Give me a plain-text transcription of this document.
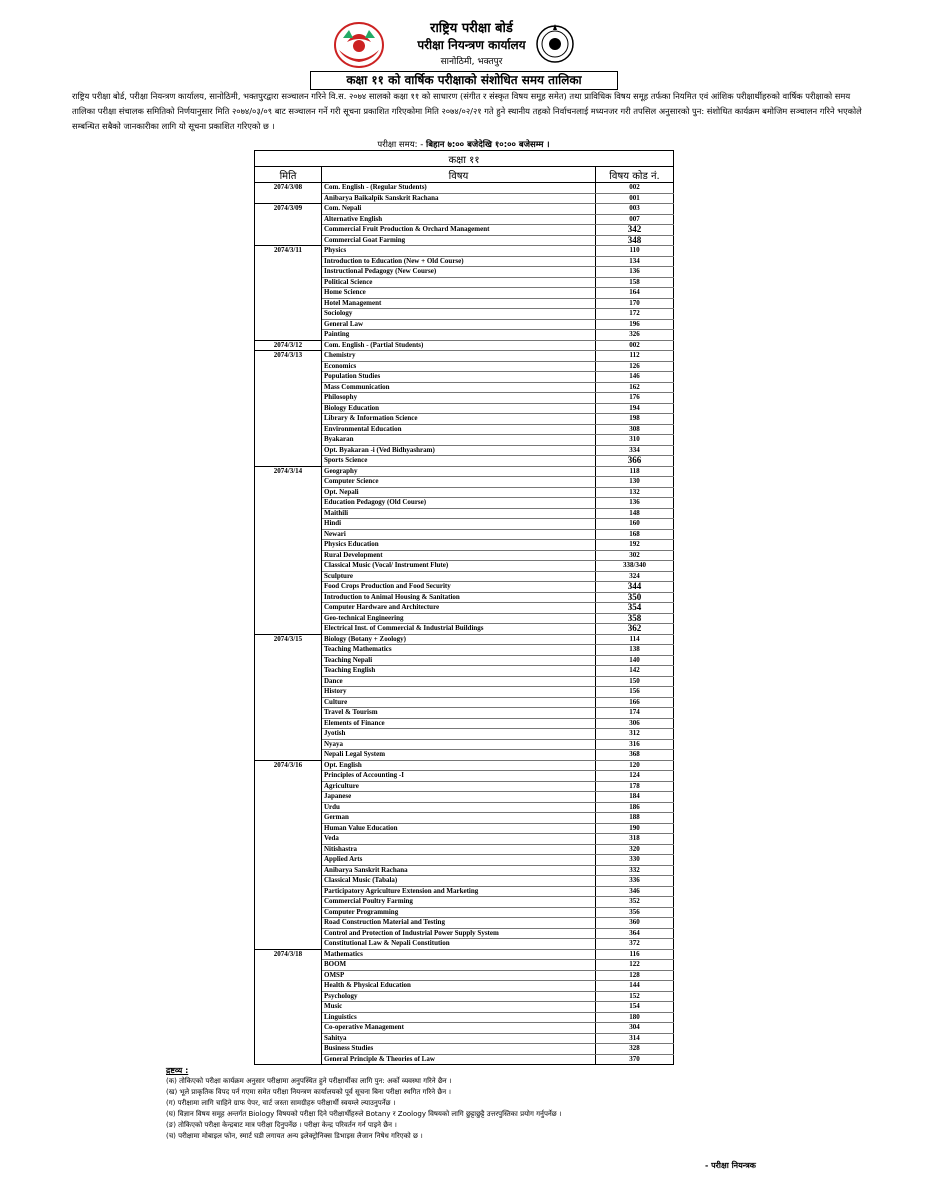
राष्ट्रिय परीक्षा बोर्ड
परीक्षा नियन्त्रण कार्यालय
सानोठिमी, भक्तपुर
कक्षा ११ को वार्षिक परीक्षाको संशोधित समय तालिका
राष्ट्रिय परीक्षा बोर्ड, परीक्षा नियन्त्रण कार्यालय, सानोठिमी, भक्तपुरद्वारा सञ्चालन गरिने वि.स. २०७४ सालको कक्षा ११ को साधारण (संगीत र संस्कृत विषय समूह समेत) तथा प्राविधिक विषय समूह तर्फका नियमित एवं आंशिक परीक्षार्थीहरुको वार्षिक परीक्षाको समय तालिका परीक्षा संचालक समितिको निर्णयानुसार मिति २०७४/०३/०९ बाट सञ्चालन गर्ने गरी सूचना प्रकाशित गरिएकोमा मिति २०७४/०२/२१ गते हुने स्थानीय तहको निर्वाचनलाई मध्यनजर गरी तपसिल अनुसारको पुन: संशोधित कार्यक्रम बमोजिम सञ्चालन गरिने भएकोले सम्बन्धित सबैको जानकारीका लागि यो सूचना प्रकाशित गरिएको छ ।
परीक्षा समय: - बिहान ७:०० बजेदेखि १०:०० बजेसम्म ।
कक्षा ११		
मिति	विषय	विषय कोड नं.
2074/3/08	Com. English - (Regular Students)	002
	Anibarya Baikalpik Sanskrit Rachana	001
2074/3/09	Com. Nepali	003
	Alternative English	007
	Commercial Fruit Production & Orchard Management	342
	Commercial Goat Farming	348
2074/3/11	Physics	110
	Introduction to Education (New + Old Course)	134
	Instructional Pedagogy (New Course)	136
	Political Science	158
	Home Science	164
	Hotel Management	170
	Sociology	172
	General Law	196
	Painting	326
2074/3/12	Com. English - (Partial Students)	002
2074/3/13	Chemistry	112
	Economics	126
	Population Studies	146
	Mass Communication	162
	Philosophy	176
	Biology Education	194
	Library & Information Science	198
	Environmental Education	308
	Byakaran	310
	Opt. Byakaran -i (Ved Bidhyashram)	334
	Sports Science	366
2074/3/14	Geography	118
	Computer Science	130
	Opt. Nepali	132
	Education Pedagogy (Old Course)	136
	Maithili	148
	Hindi	160
	Newari	168
	Physics Education	192
	Rural Development	302
	Classical Music (Vocal/ Instrument Flute)	338/340
	Sculpture	324
	Food Crops Production and Food Security	344
	Introduction to Animal Housing & Sanitation	350
	Computer Hardware and Architecture	354
	Geo-technical Engineering	358
	Electrical Inst. of Commercial & Industrial Buildings	362
2074/3/15	Biology (Botany + Zoology)	114
	Teaching Mathematics	138
	Teaching Nepali	140
	Teaching English	142
	Dance	150
	History	156
	Culture	166
	Travel & Tourism	174
	Elements of Finance	306
	Jyotish	312
	Nyaya	316
	Nepali Legal System	368
2074/3/16	Opt. English	120
	Principles of Accounting -I	124
	Agriculture	178
	Japanese	184
	Urdu	186
	German	188
	Human Value Education	190
	Veda	318
	Nitishastra	320
	Applied Arts	330
	Anibarya Sanskrit Rachana	332
	Classical Music (Tabala)	336
	Participatory Agriculture Extension and Marketing	346
	Commercial Poultry Farming	352
	Computer Programming	356
	Road Construction Material and Testing	360
	Control and Protection of Industrial Power Supply System	364
	Constitutional Law & Nepali Constitution	372
2074/3/18	Mathematics	116
	BOOM	122
	OMSP	128
	Health & Physical Education	144
	Psychology	152
	Music	154
	Linguistics	180
	Co-operative Management	304
	Sahitya	314
	Business Studies	328
	General Principle & Theories of Law	370
द्रष्टव्य :
(क) तोकिएको परीक्षा कार्यक्रम अनुसार परीक्षामा अनुपस्थित हुने परीक्षार्थीका लागि पुन: अर्को व्यवस्था गरिने छैन ।
(ख) भूले प्राकृतिक विपद पर्न गएमा समेत परीक्षा नियन्त्रण कार्यालयको पूर्व सूचना बिना परीक्षा स्थगित गरिने छैन ।
(ग) परीक्षामा लागि चाहिने ग्राफ पेपर, चार्ट जस्ता सामग्रीहरु परीक्षार्थी स्वयम्ले ल्याउनुपर्नेछ ।
(घ) विज्ञान विषय समूह अन्तर्गत Biology विषयको परीक्षा दिने परीक्षार्थीहरुले Botany र Zoology विषयको लागि छुट्टाछुट्टै उत्तरपुस्तिका प्रयोग गर्नुपर्नेछ ।
(ङ) तोकिएको परीक्षा केन्द्रबाट मात्र परीक्षा दिनुपर्नेछ । परीक्षा केन्द्र परिवर्तन गर्न पाइने छैन ।
(च) परीक्षामा मोबाइल फोन, स्मार्ट घडी लगायत अन्य इलेक्ट्रोनिक्स डिभाइस लैजान निषेध गरिएको छ ।
- परीक्षा नियन्त्रक
